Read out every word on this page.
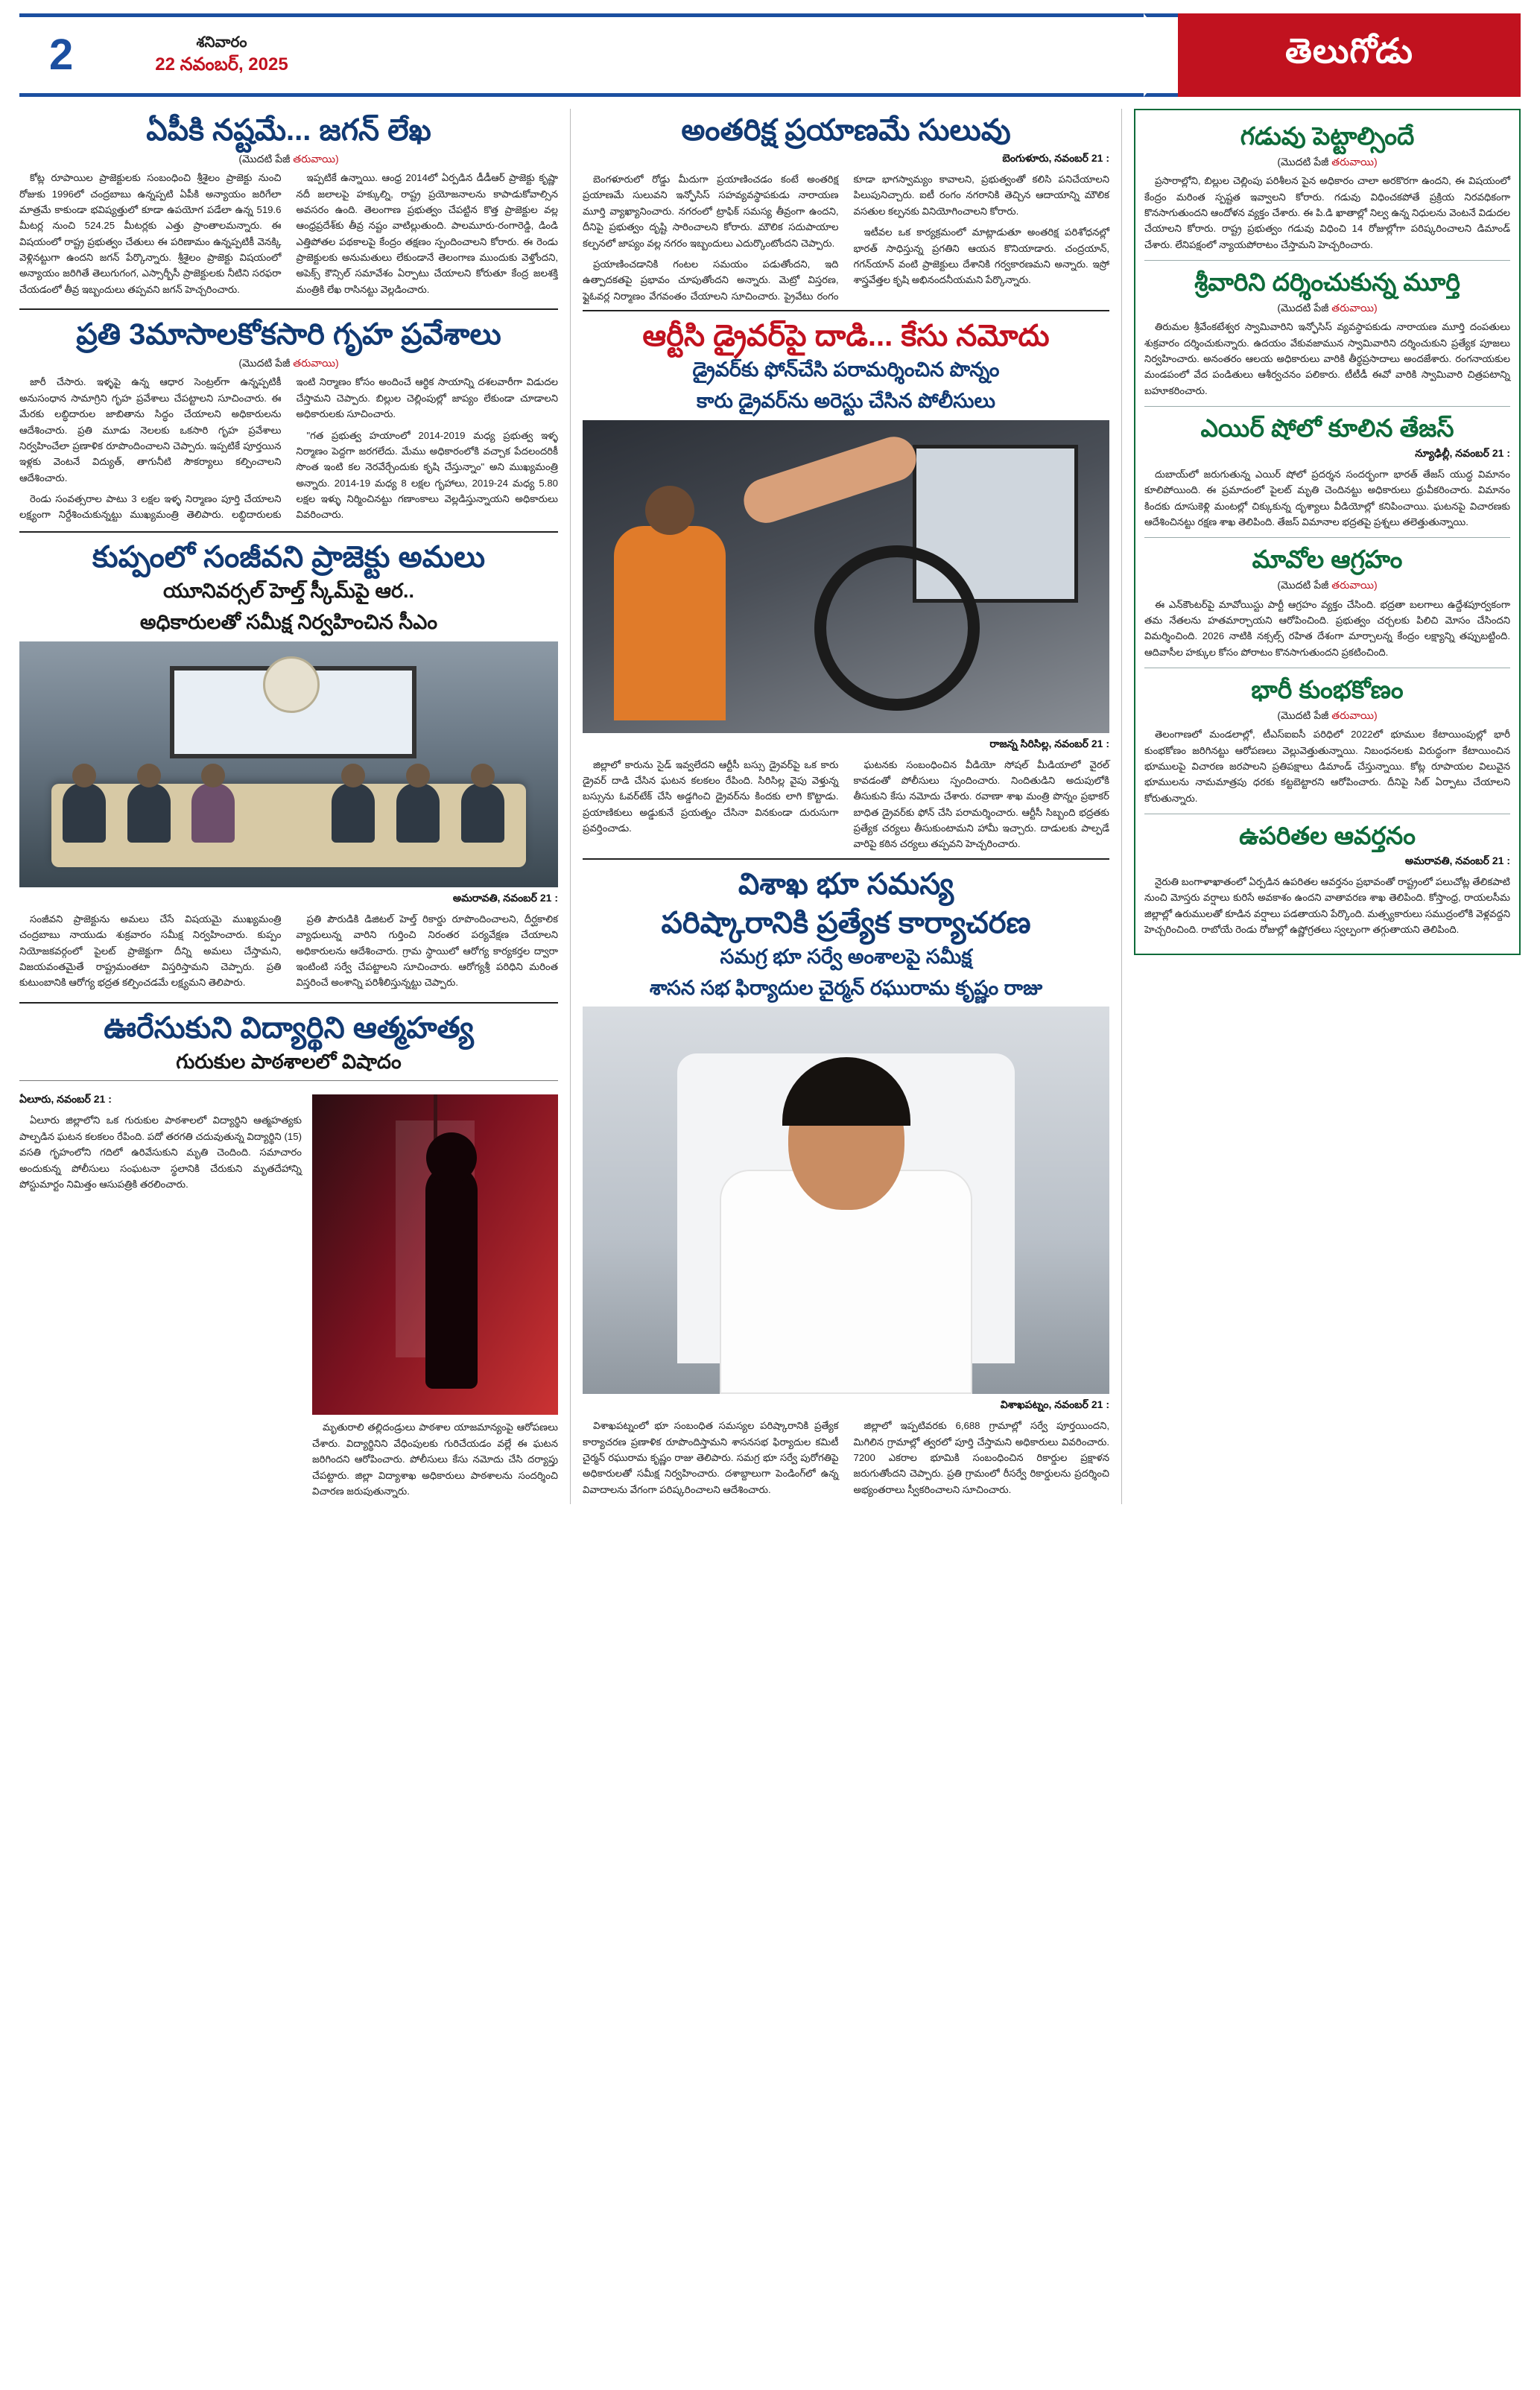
2	శనివారం
22 నవంబర్, 2025	తెలుగోడు
ఏపీకి నష్టమే... జగన్ లేఖ
(మొదటి పేజీ తరువాయి)

కోట్ల రూపాయిల ప్రాజెక్టులకు సంబంధించి శ్రీశైలం ప్రాజెక్టు నుంచి రోజుకు 1996లో చంద్రబాబు ఉన్నప్పటి ఏపీకి అన్యాయం జరిగేలా మాత్రమే కాకుండా భవిష్యత్తులో కూడా ఉపయోగ పడేలా ఉన్న 519.6 మీటర్ల నుంచి 524.25 మీటర్లకు ఎత్తు ప్రాంతాలమన్నారు. ఈ విషయంలో రాష్ట్ర ప్రభుత్వం చేతులు ఈ పరిణామం ఉన్నప్పటికీ వెనక్కి వెళ్లినట్టుగా ఉందని జగన్ పేర్కొన్నారు. శ్రీశైలం ప్రాజెక్టు విషయంలో అన్యాయం జరిగితే తెలుగుగంగ, ఎస్సార్బీసీ ప్రాజెక్టులకు నీటిని సరఫరా చేయడంలో తీవ్ర ఇబ్బందులు తప్పవని జగన్ హెచ్చరించారు.

ఇప్పటికే ఉన్నాయి. ఆంధ్ర 2014లో ఏర్పడిన డీడీఆర్ ప్రాజెక్టు కృష్ణా నదీ జలాలపై హక్కుల్ని, రాష్ట్ర ప్రయోజనాలను కాపాడుకోవాల్సిన అవసరం ఉంది. తెలంగాణ ప్రభుత్వం చేపట్టిన కొత్త ప్రాజెక్టుల వల్ల ఆంధ్రప్రదేశ్‌కు తీవ్ర నష్టం వాటిల్లుతుంది. పాలమూరు-రంగారెడ్డి, డిండి ఎత్తిపోతల పథకాలపై కేంద్రం తక్షణం స్పందించాలని కోరారు. ఈ రెండు ప్రాజెక్టులకు అనుమతులు లేకుండానే తెలంగాణ ముందుకు వెళ్తోందని, అపెక్స్ కౌన్సిల్ సమావేశం ఏర్పాటు చేయాలని కోరుతూ కేంద్ర జలశక్తి మంత్రికి లేఖ రాసినట్టు వెల్లడించారు.

ప్రతి 3మాసాలకోకసారి గృహ ప్రవేశాలు
(మొదటి పేజీ తరువాయి)

జారీ చేసారు. ఇళ్ళపై ఉన్న ఆధార సెంట్రల్‌గా ఉన్నప్పటికీ అనుసంధాన సామాగ్రిని గృహ ప్రవేశాలు చేపట్టాలని సూచించారు. ఈ మేరకు లబ్ధిదారుల జాబితాను సిద్ధం చేయాలని అధికారులను ఆదేశించారు. ప్రతి మూడు నెలలకు ఒకసారి గృహ ప్రవేశాలు నిర్వహించేలా ప్రణాళిక రూపొందించాలని చెప్పారు. ఇప్పటికే పూర్తయిన ఇళ్లకు వెంటనే విద్యుత్, తాగునీటి సౌకర్యాలు కల్పించాలని ఆదేశించారు.

రెండు సంవత్సరాల పాటు 3 లక్షల ఇళ్ళ నిర్మాణం పూర్తి చేయాలని లక్ష్యంగా నిర్దేశించుకున్నట్టు ముఖ్యమంత్రి తెలిపారు. లబ్ధిదారులకు ఇంటి నిర్మాణం కోసం అందించే ఆర్థిక సాయాన్ని దశలవారీగా విడుదల చేస్తామని చెప్పారు. బిల్లుల చెల్లింపుల్లో జాప్యం లేకుండా చూడాలని అధికారులకు సూచించారు.

"గత ప్రభుత్వ హయాంలో 2014-2019 మధ్య ప్రభుత్వ ఇళ్ళ నిర్మాణం పెద్దగా జరగలేదు. మేము అధికారంలోకి వచ్చాక పేదలందరికీ సొంత ఇంటి కల నెరవేర్చేందుకు కృషి చేస్తున్నాం" అని ముఖ్యమంత్రి అన్నారు. 2014-19 మధ్య 8 లక్షల గృహాలు, 2019-24 మధ్య 5.80 లక్షల ఇళ్ళు నిర్మించినట్టు గణాంకాలు వెల్లడిస్తున్నాయని అధికారులు వివరించారు.

కుప్పంలో సంజీవని ప్రాజెక్టు అమలు
యూనివర్సల్ హెల్త్ స్కీమ్‌పై ఆర..
అధికారులతో సమీక్ష నిర్వహించిన సీఎం
అమరావతి, నవంబర్ 21 :

సంజీవని ప్రాజెక్టును అమలు చేసే విషయమై ముఖ్యమంత్రి చంద్రబాబు నాయుడు శుక్రవారం సమీక్ష నిర్వహించారు. కుప్పం నియోజకవర్గంలో పైలట్ ప్రాజెక్టుగా దీన్ని అమలు చేస్తామని, విజయవంతమైతే రాష్ట్రమంతటా విస్తరిస్తామని చెప్పారు. ప్రతి కుటుంబానికి ఆరోగ్య భద్రత కల్పించడమే లక్ష్యమని తెలిపారు.

ప్రతి పౌరుడికి డిజిటల్ హెల్త్ రికార్డు రూపొందించాలని, దీర్ఘకాలిక వ్యాధులున్న వారిని గుర్తించి నిరంతర పర్యవేక్షణ చేయాలని అధికారులను ఆదేశించారు. గ్రామ స్థాయిలో ఆరోగ్య కార్యకర్తల ద్వారా ఇంటింటి సర్వే చేపట్టాలని సూచించారు. ఆరోగ్యశ్రీ పరిధిని మరింత విస్తరించే అంశాన్ని పరిశీలిస్తున్నట్టు చెప్పారు.

ఊరేసుకుని విద్యార్థిని ఆత్మహత్య
గురుకుల పాఠశాలలో విషాదం
ఏలూరు, నవంబర్ 21 :

ఏలూరు జిల్లాలోని ఒక గురుకుల పాఠశాలలో విద్యార్థిని ఆత్మహత్యకు పాల్పడిన ఘటన కలకలం రేపింది. పదో తరగతి చదువుతున్న విద్యార్థిని (15) వసతి గృహంలోని గదిలో ఉరివేసుకుని మృతి చెందింది. సమాచారం అందుకున్న పోలీసులు సంఘటనా స్థలానికి చేరుకుని మృతదేహాన్ని పోస్టుమార్టం నిమిత్తం ఆసుపత్రికి తరలించారు.

మృతురాలి తల్లిదండ్రులు పాఠశాల యాజమాన్యంపై ఆరోపణలు చేశారు. విద్యార్థినిని వేధింపులకు గురిచేయడం వల్లే ఈ ఘటన జరిగిందని ఆరోపించారు. పోలీసులు కేసు నమోదు చేసి దర్యాప్తు చేపట్టారు. జిల్లా విద్యాశాఖ అధికారులు పాఠశాలను సందర్శించి విచారణ జరుపుతున్నారు.

అంతరిక్ష ప్రయాణమే సులువు
బెంగుళూరు, నవంబర్ 21 :

బెంగళూరులో రోడ్డు మీదుగా ప్రయాణించడం కంటే అంతరిక్ష ప్రయాణమే సులువని ఇన్ఫోసిస్ సహవ్యవస్థాపకుడు నారాయణ మూర్తి వ్యాఖ్యానించారు. నగరంలో ట్రాఫిక్ సమస్య తీవ్రంగా ఉందని, దీనిపై ప్రభుత్వం దృష్టి సారించాలని కోరారు. మౌలిక సదుపాయాల కల్పనలో జాప్యం వల్ల నగరం ఇబ్బందులు ఎదుర్కొంటోందని చెప్పారు.

ప్రయాణించడానికి గంటల సమయం పడుతోందని, ఇది ఉత్పాదకతపై ప్రభావం చూపుతోందని అన్నారు. మెట్రో విస్తరణ, ఫ్లైఓవర్ల నిర్మాణం వేగవంతం చేయాలని సూచించారు. ప్రైవేటు రంగం కూడా భాగస్వామ్యం కావాలని, ప్రభుత్వంతో కలిసి పనిచేయాలని పిలుపునిచ్చారు. ఐటీ రంగం నగరానికి తెచ్చిన ఆదాయాన్ని మౌలిక వసతుల కల్పనకు వినియోగించాలని కోరారు.

ఇటీవల ఒక కార్యక్రమంలో మాట్లాడుతూ అంతరిక్ష పరిశోధనల్లో భారత్ సాధిస్తున్న ప్రగతిని ఆయన కొనియాడారు. చంద్రయాన్, గగన్‌యాన్ వంటి ప్రాజెక్టులు దేశానికి గర్వకారణమని అన్నారు. ఇస్రో శాస్త్రవేత్తల కృషి అభినందనీయమని పేర్కొన్నారు.

ఆర్టీసి డ్రైవర్‌పై దాడి... కేసు నమోదు
డ్రైవర్‌కు ఫోన్‌చేసి పరామర్శించిన పొన్నం
కారు డ్రైవర్‌ను అరెస్టు చేసిన పోలీసులు
రాజన్న సిరిసిల్ల, నవంబర్ 21 :

జిల్లాలో కారును సైడ్ ఇవ్వలేదని ఆర్టీసీ బస్సు డ్రైవర్‌పై ఒక కారు డ్రైవర్ దాడి చేసిన ఘటన కలకలం రేపింది. సిరిసిల్ల వైపు వెళ్తున్న బస్సును ఓవర్‌టేక్ చేసి అడ్డగించి డ్రైవర్‌ను కిందకు లాగి కొట్టాడు. ప్రయాణికులు అడ్డుకునే ప్రయత్నం చేసినా వినకుండా దురుసుగా ప్రవర్తించాడు.

ఘటనకు సంబంధించిన వీడియో సోషల్ మీడియాలో వైరల్ కావడంతో పోలీసులు స్పందించారు. నిందితుడిని అదుపులోకి తీసుకుని కేసు నమోదు చేశారు. రవాణా శాఖ మంత్రి పొన్నం ప్రభాకర్ బాధిత డ్రైవర్‌కు ఫోన్ చేసి పరామర్శించారు. ఆర్టీసీ సిబ్బంది భద్రతకు ప్రత్యేక చర్యలు తీసుకుంటామని హామీ ఇచ్చారు. దాడులకు పాల్పడే వారిపై కఠిన చర్యలు తప్పవని హెచ్చరించారు.

విశాఖ భూ సమస్య
పరిష్కారానికి ప్రత్యేక కార్యాచరణ
సమగ్ర భూ సర్వే అంశాలపై సమీక్ష
శాసన సభ ఫిర్యాదుల చైర్మన్ రఘురామ కృష్ణం రాజు
విశాఖపట్నం, నవంబర్ 21 :

విశాఖపట్నంలో భూ సంబంధిత సమస్యల పరిష్కారానికి ప్రత్యేక కార్యాచరణ ప్రణాళిక రూపొందిస్తామని శాసనసభ ఫిర్యాదుల కమిటీ చైర్మన్ రఘురామ కృష్ణం రాజు తెలిపారు. సమగ్ర భూ సర్వే పురోగతిపై అధికారులతో సమీక్ష నిర్వహించారు. దశాబ్దాలుగా పెండింగ్‌లో ఉన్న వివాదాలను వేగంగా పరిష్కరించాలని ఆదేశించారు.

జిల్లాలో ఇప్పటివరకు 6,688 గ్రామాల్లో సర్వే పూర్తయిందని, మిగిలిన గ్రామాల్లో త్వరలో పూర్తి చేస్తామని అధికారులు వివరించారు. 7200 ఎకరాల భూమికి సంబంధించిన రికార్డుల ప్రక్షాళన జరుగుతోందని చెప్పారు. ప్రతి గ్రామంలో రీసర్వే రికార్డులను ప్రదర్శించి అభ్యంతరాలు స్వీకరించాలని సూచించారు.

గడువు పెట్టాల్సిందే
(మొదటి పేజీ తరువాయి)

ప్రసారాల్లోని, బిల్లుల చెల్లింపు పరిశీలన పైన అధికారం చాలా అరకొరగా ఉందని, ఈ విషయంలో కేంద్రం మరింత స్పష్టత ఇవ్వాలని కోరారు. గడువు విధించకపోతే ప్రక్రియ నిరవధికంగా కొనసాగుతుందని ఆందోళన వ్యక్తం చేశారు. ఈ పి.డి ఖాతాల్లో నిల్వ ఉన్న నిధులను వెంటనే విడుదల చేయాలని కోరారు. రాష్ట్ర ప్రభుత్వం గడువు విధించి 14 రోజుల్లోగా పరిష్కరించాలని డిమాండ్ చేశారు. లేనిపక్షంలో న్యాయపోరాటం చేస్తామని హెచ్చరించారు.

శ్రీవారిని దర్శించుకున్న మూర్తి
(మొదటి పేజీ తరువాయి)

తిరుమల శ్రీవేంకటేశ్వర స్వామివారిని ఇన్ఫోసిస్ వ్యవస్థాపకుడు నారాయణ మూర్తి దంపతులు శుక్రవారం దర్శించుకున్నారు. ఉదయం వేకువజామున స్వామివారిని దర్శించుకుని ప్రత్యేక పూజలు నిర్వహించారు. అనంతరం ఆలయ అధికారులు వారికి తీర్థప్రసాదాలు అందజేశారు. రంగనాయకుల మండపంలో వేద పండితులు ఆశీర్వచనం పలికారు. టీటీడీ ఈవో వారికి స్వామివారి చిత్రపటాన్ని బహూకరించారు.

ఎయిర్ షోలో కూలిన తేజస్
న్యూఢిల్లీ, నవంబర్ 21 :

దుబాయ్‌లో జరుగుతున్న ఎయిర్ షోలో ప్రదర్శన సందర్భంగా భారత్ తేజస్ యుద్ధ విమానం కూలిపోయింది. ఈ ప్రమాదంలో పైలట్ మృతి చెందినట్టు అధికారులు ధ్రువీకరించారు. విమానం కిందకు దూసుకెళ్లి మంటల్లో చిక్కుకున్న దృశ్యాలు వీడియోల్లో కనిపించాయి. ఘటనపై విచారణకు ఆదేశించినట్టు రక్షణ శాఖ తెలిపింది. తేజస్ విమానాల భద్రతపై ప్రశ్నలు తలెత్తుతున్నాయి.

మావోల ఆగ్రహం
(మొదటి పేజీ తరువాయి)

ఈ ఎన్‌కౌంటర్‌పై మావోయిస్టు పార్టీ ఆగ్రహం వ్యక్తం చేసింది. భద్రతా బలగాలు ఉద్దేశపూర్వకంగా తమ నేతలను హతమార్చాయని ఆరోపించింది. ప్రభుత్వం చర్చలకు పిలిచి మోసం చేసిందని విమర్శించింది. 2026 నాటికి నక్సల్స్ రహిత దేశంగా మార్చాలన్న కేంద్రం లక్ష్యాన్ని తప్పుబట్టింది. ఆదివాసీల హక్కుల కోసం పోరాటం కొనసాగుతుందని ప్రకటించింది.

భారీ కుంభకోణం
(మొదటి పేజీ తరువాయి)

తెలంగాణలో మండలాల్లో, టీఎస్ఐఐసీ పరిధిలో 2022లో భూముల కేటాయింపుల్లో భారీ కుంభకోణం జరిగినట్టు ఆరోపణలు వెల్లువెత్తుతున్నాయి. నిబంధనలకు విరుద్ధంగా కేటాయించిన భూములపై విచారణ జరపాలని ప్రతిపక్షాలు డిమాండ్ చేస్తున్నాయి. కోట్ల రూపాయల విలువైన భూములను నామమాత్రపు ధరకు కట్టబెట్టారని ఆరోపించారు. దీనిపై సిట్ ఏర్పాటు చేయాలని కోరుతున్నారు.

ఉపరితల ఆవర్తనం
అమరావతి, నవంబర్ 21 :

నైరుతి బంగాళాఖాతంలో ఏర్పడిన ఉపరితల ఆవర్తనం ప్రభావంతో రాష్ట్రంలో పలుచోట్ల తేలికపాటి నుంచి మోస్తరు వర్షాలు కురిసే అవకాశం ఉందని వాతావరణ శాఖ తెలిపింది. కోస్తాంధ్ర, రాయలసీమ జిల్లాల్లో ఉరుములతో కూడిన వర్షాలు పడతాయని పేర్కొంది. మత్స్యకారులు సముద్రంలోకి వెళ్లవద్దని హెచ్చరించింది. రాబోయే రెండు రోజుల్లో ఉష్ణోగ్రతలు స్వల్పంగా తగ్గుతాయని తెలిపింది.
